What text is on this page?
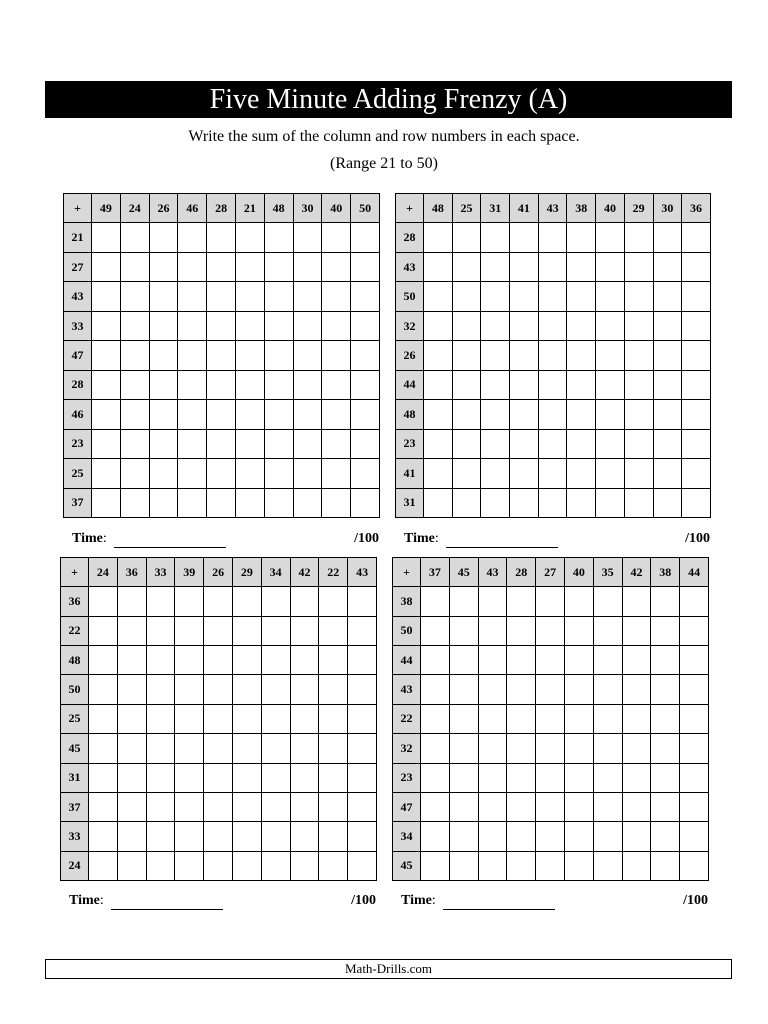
Five Minute Adding Frenzy (A)
Write the sum of the column and row numbers in each space.
(Range 21 to 50)
+	49	24	26	46	28	21	48	30	40	50
21										
27										
43										
33										
47										
28										
46										
23										
25										
37										
Time:	/100
+	48	25	31	41	43	38	40	29	30	36
28										
43										
50										
32										
26										
44										
48										
23										
41										
31										
Time:	/100
+	24	36	33	39	26	29	34	42	22	43
36										
22										
48										
50										
25										
45										
31										
37										
33										
24										
Time:	/100
+	37	45	43	28	27	40	35	42	38	44
38										
50										
44										
43										
22										
32										
23										
47										
34										
45										
Time:	/100
Math-Drills.com
